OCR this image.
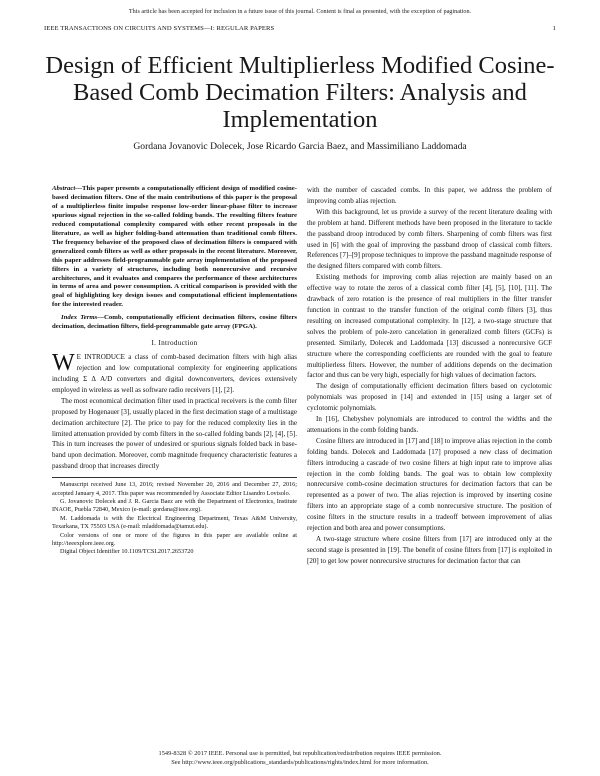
This article has been accepted for inclusion in a future issue of this journal. Content is final as presented, with the exception of pagination.
IEEE TRANSACTIONS ON CIRCUITS AND SYSTEMS—I: REGULAR PAPERS	1
Design of Efficient Multiplierless Modified Cosine-Based Comb Decimation Filters: Analysis and Implementation
Gordana Jovanovic Dolecek, Jose Ricardo Garcia Baez, and Massimiliano Laddomada

Abstract—This paper presents a computationally efficient design of modified cosine-based decimation filters. One of the main contributions of this paper is the proposal of a multiplierless finite impulse response low-order linear-phase filter to increase spurious signal rejection in the so-called folding bands. The resulting filters feature reduced computational complexity compared with other recent proposals in the literature, as well as higher folding-band attenuation than traditional comb filters. The frequency behavior of the proposed class of decimation filters is compared with generalized comb filters as well as other proposals in the recent literature. Moreover, this paper addresses field-programmable gate array implementation of the proposed filters in a variety of structures, including both nonrecursive and recursive architectures, and it evaluates and compares the performance of these architectures in terms of area and power consumption. A critical comparison is provided with the goal of highlighting key design issues and computational efficient implementations for the interested reader.

Index Terms—Comb, computationally efficient decimation filters, cosine filters decimation, decimation filters, field-programmable gate array (FPGA).

I. Introduction

WE INTRODUCE a class of comb-based decimation filters with high alias rejection and low computational complexity for engineering applications including Σ Δ A/D converters and digital downconverters, devices extensively employed in wireless as well as software radio receivers [1], [2].

The most economical decimation filter used in practical receivers is the comb filter proposed by Hogenauer [3], usually placed in the first decimation stage of a multistage decimation architecture [2]. The price to pay for the reduced complexity lies in the limited attenuation provided by comb filters in the so-called folding bands [2], [4], [5]. This in turn increases the power of undesired or spurious signals folded back in base-band upon decimation. Moreover, comb magnitude frequency characteristic features a passband droop that increases directly

Manuscript received June 13, 2016; revised November 20, 2016 and December 27, 2016; accepted January 4, 2017. This paper was recommended by Associate Editor Lisandro Lovisolo.

G. Jovanovic Dolecek and J. R. Garcia Baez are with the Department of Electronics, Institute INAOE, Puebla 72840, Mexico (e-mail: gordana@ieee.org).

M. Laddomada is with the Electrical Engineering Department, Texas A&M University, Texarkana, TX 75503 USA (e-mail: mladdomada@tamut.edu).

Color versions of one or more of the figures in this paper are available online at http://ieeexplore.ieee.org.

Digital Object Identifier 10.1109/TCSI.2017.2653720

with the number of cascaded combs. In this paper, we address the problem of improving comb alias rejection.

With this background, let us provide a survey of the recent literature dealing with the problem at hand. Different methods have been proposed in the literature to tackle the passband droop introduced by comb filters. Sharpening of comb filters was first used in [6] with the goal of improving the passband droop of classical comb filters. References [7]–[9] propose techniques to improve the passband magnitude response of the designed filters compared with comb filters.

Existing methods for improving comb alias rejection are mainly based on an effective way to rotate the zeros of a classical comb filter [4], [5], [10], [11]. The drawback of zero rotation is the presence of real multipliers in the filter transfer function in contrast to the transfer function of the original comb filters [3], thus resulting on increased computational complexity. In [12], a two-stage structure that solves the problem of pole-zero cancelation in generalized comb filters (GCFs) is presented. Similarly, Dolecek and Laddomada [13] discussed a nonrecursive GCF structure where the corresponding coefficients are rounded with the goal to feature multiplierless filters. However, the number of additions depends on the decimation factor and thus can be very high, especially for high values of decimation factors.

The design of computationally efficient decimation filters based on cyclotomic polynomials was proposed in [14] and extended in [15] using a larger set of cyclotomic polynomials.

In [16], Chebyshev polynomials are introduced to control the widths and the attenuations in the comb folding bands.

Cosine filters are introduced in [17] and [18] to improve alias rejection in the comb folding bands. Dolecek and Laddomada [17] proposed a new class of decimation filters introducing a cascade of two cosine filters at high input rate to improve alias rejection in the comb folding bands. The goal was to obtain low complexity nonrecursive comb-cosine decimation structures for decimation factors that can be represented as a power of two. The alias rejection is improved by inserting cosine filters into an appropriate stage of a comb nonrecursive structure. The position of cosine filters in the structure results in a tradeoff between improvement of alias rejection and both area and power consumptions.

A two-stage structure where cosine filters from [17] are introduced only at the second stage is presented in [19]. The benefit of cosine filters from [17] is exploited in [20] to get low power nonrecursive structures for decimation factor that can

1549-8328 © 2017 IEEE. Personal use is permitted, but republication/redistribution requires IEEE permission.
See http://www.ieee.org/publications_standards/publications/rights/index.html for more information.
